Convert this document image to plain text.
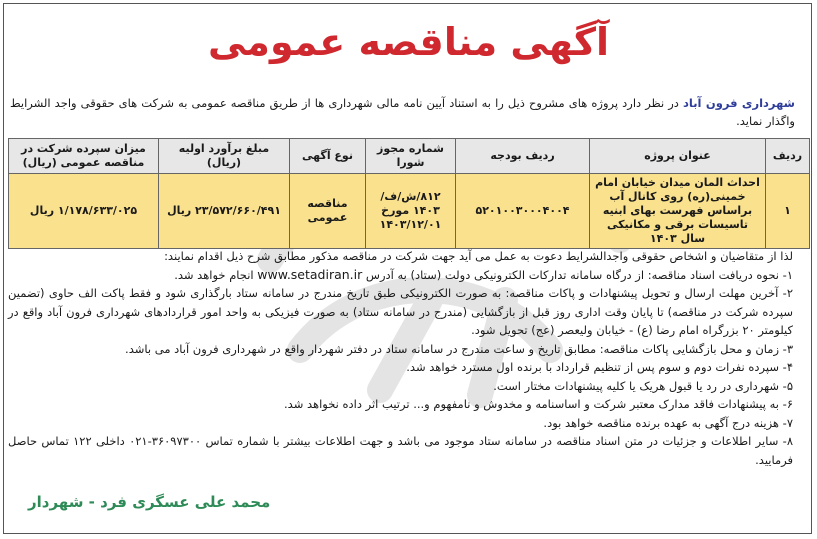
آگهی مناقصه عمومی
شهرداری فرون آباد در نظر دارد پروژه های مشروح ذیل را به استناد آیین نامه مالی شهرداری ها از طریق مناقصه عمومی به شرکت های حقوقی واجد الشرایط واگذار نماید.
ردیف	عنوان پروژه	ردیف بودجه	شماره مجوز شورا	نوع آگهی	مبلغ برآورد اولیه (ریال)	میزان سپرده شرکت در مناقصه عمومی (ریال)
۱	احداث المان میدان خیابان امام خمینی(ره) روی کانال آب براساس فهرست بهای ابنیه تاسیسات برقی و مکانیکی سال ۱۴۰۳	۵۲۰۱۰۰۳۰۰۰۴۰۰۴	۸۱۲/ش/ف/۱۴۰۳ مورخ ۱۴۰۳/۱۲/۰۱	مناقصه عمومی	۲۳/۵۷۲/۶۶۰/۴۹۱ ریال	۱/۱۷۸/۶۳۳/۰۲۵ ریال

لذا از متقاضیان و اشخاص حقوقی واجدالشرایط دعوت به عمل می آید جهت شرکت در مناقصه مذکور مطابق شرح ذیل اقدام نمایند:

۱- نحوه دریافت اسناد مناقصه: از درگاه سامانه تدارکات الکترونیکی دولت (ستاد) به آدرس www.setadiran.ir انجام خواهد شد.

۲- آخرین مهلت ارسال و تحویل پیشنهادات و پاکات مناقصه: به صورت الکترونیکی طبق تاریخ مندرج در سامانه ستاد بارگذاری شود و فقط پاکت الف حاوی (تضمین سپرده شرکت در مناقصه) تا پایان وقت اداری روز قبل از بازگشایی (مندرج در سامانه ستاد) به صورت فیزیکی به واحد امور قراردادهای شهرداری فرون آباد واقع در کیلومتر ۲۰ بزرگراه امام رضا (ع) - خیابان ولیعصر (عج) تحویل شود.

۳- زمان و محل بازگشایی پاکات مناقصه: مطابق تاریخ و ساعت مندرج در سامانه ستاد در دفتر شهردار واقع در شهرداری فرون آباد می باشد.

۴- سپرده نفرات دوم و سوم پس از تنظیم قرارداد با برنده اول مسترد خواهد شد.

۵- شهرداری در رد یا قبول هریک یا کلیه پیشنهادات مختار است.

۶- به پیشنهادات فاقد مدارک معتبر شرکت و اساسنامه و مخدوش و نامفهوم و... ترتیب اثر داده نخواهد شد.

۷- هزینه درج آگهی به عهده برنده مناقصه خواهد بود.

۸- سایر اطلاعات و جزئیات در متن اسناد مناقصه در سامانه ستاد موجود می باشد و جهت اطلاعات بیشتر با شماره تماس ۳۶۰۹۷۳۰۰-۰۲۱ داخلی ۱۲۲ تماس حاصل فرمایید.

محمد علی عسگری فرد - شهردار
